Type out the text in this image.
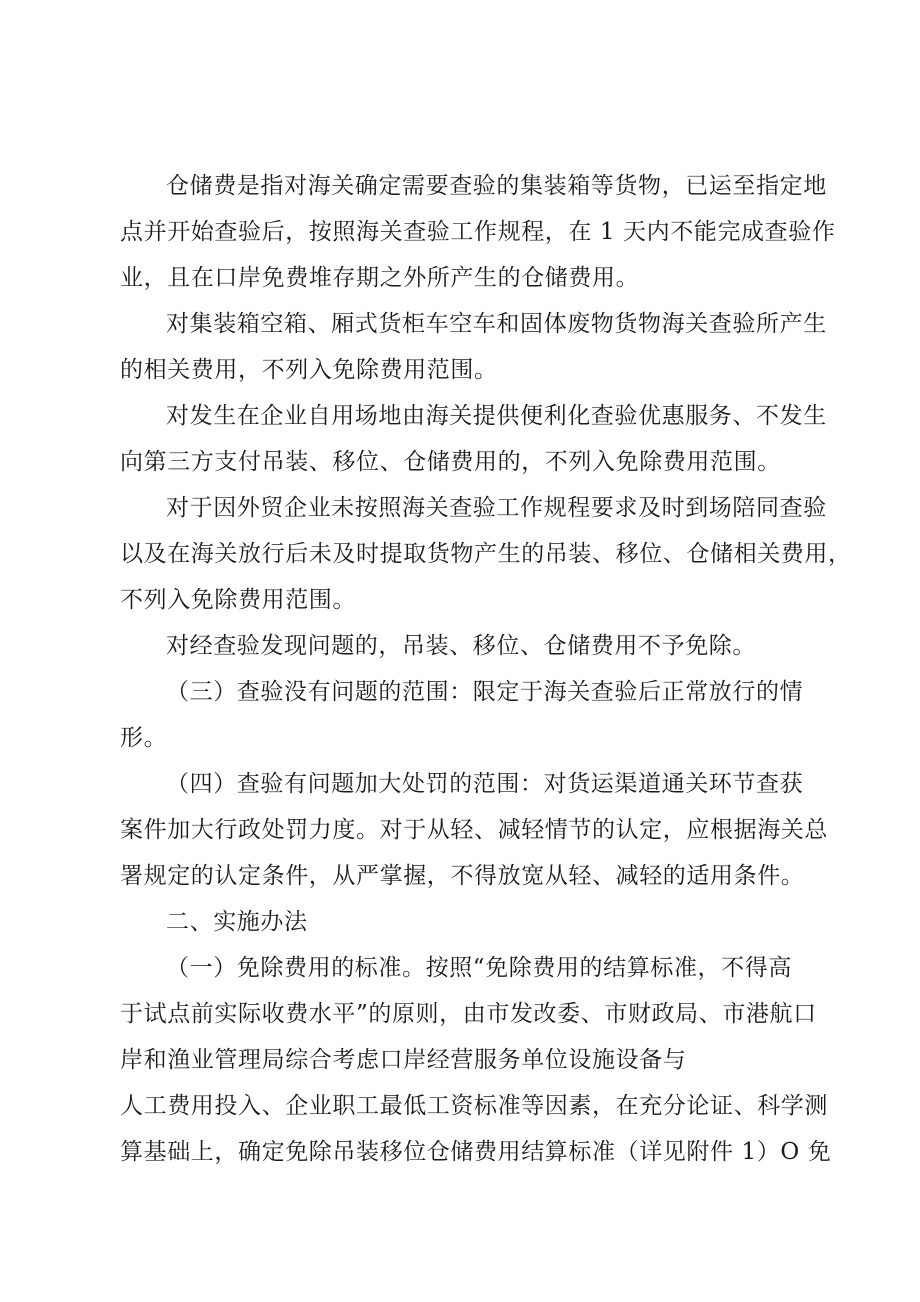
仓储费是指对海关确定需要查验的集装箱等货物，已运至指定地
点并开始查验后，按照海关查验工作规程，在 1 天内不能完成查验作
业，且在口岸免费堆存期之外所产生的仓储费用。
对集装箱空箱、厢式货柜车空车和固体废物货物海关查验所产生
的相关费用，不列入免除费用范围。
对发生在企业自用场地由海关提供便利化查验优惠服务、不发生
向第三方支付吊装、移位、仓储费用的，不列入免除费用范围。
对于因外贸企业未按照海关查验工作规程要求及时到场陪同查验
以及在海关放行后未及时提取货物产生的吊装、移位、仓储相关费用，
不列入免除费用范围。
对经查验发现问题的，吊装、移位、仓储费用不予免除。
（三）查验没有问题的范围：限定于海关查验后正常放行的情
形。
（四）查验有问题加大处罚的范围：对货运渠道通关环节查获
案件加大行政处罚力度。对于从轻、减轻情节的认定，应根据海关总
署规定的认定条件，从严掌握，不得放宽从轻、减轻的适用条件。
二、实施办法
（一）免除费用的标准。按照“免除费用的结算标准，不得高
于试点前实际收费水平”的原则，由市发改委、市财政局、市港航口
岸和渔业管理局综合考虑口岸经营服务单位设施设备与
人工费用投入、企业职工最低工资标准等因素，在充分论证、科学测
算基础上，确定免除吊装移位仓储费用结算标准（详见附件 1）O 免
